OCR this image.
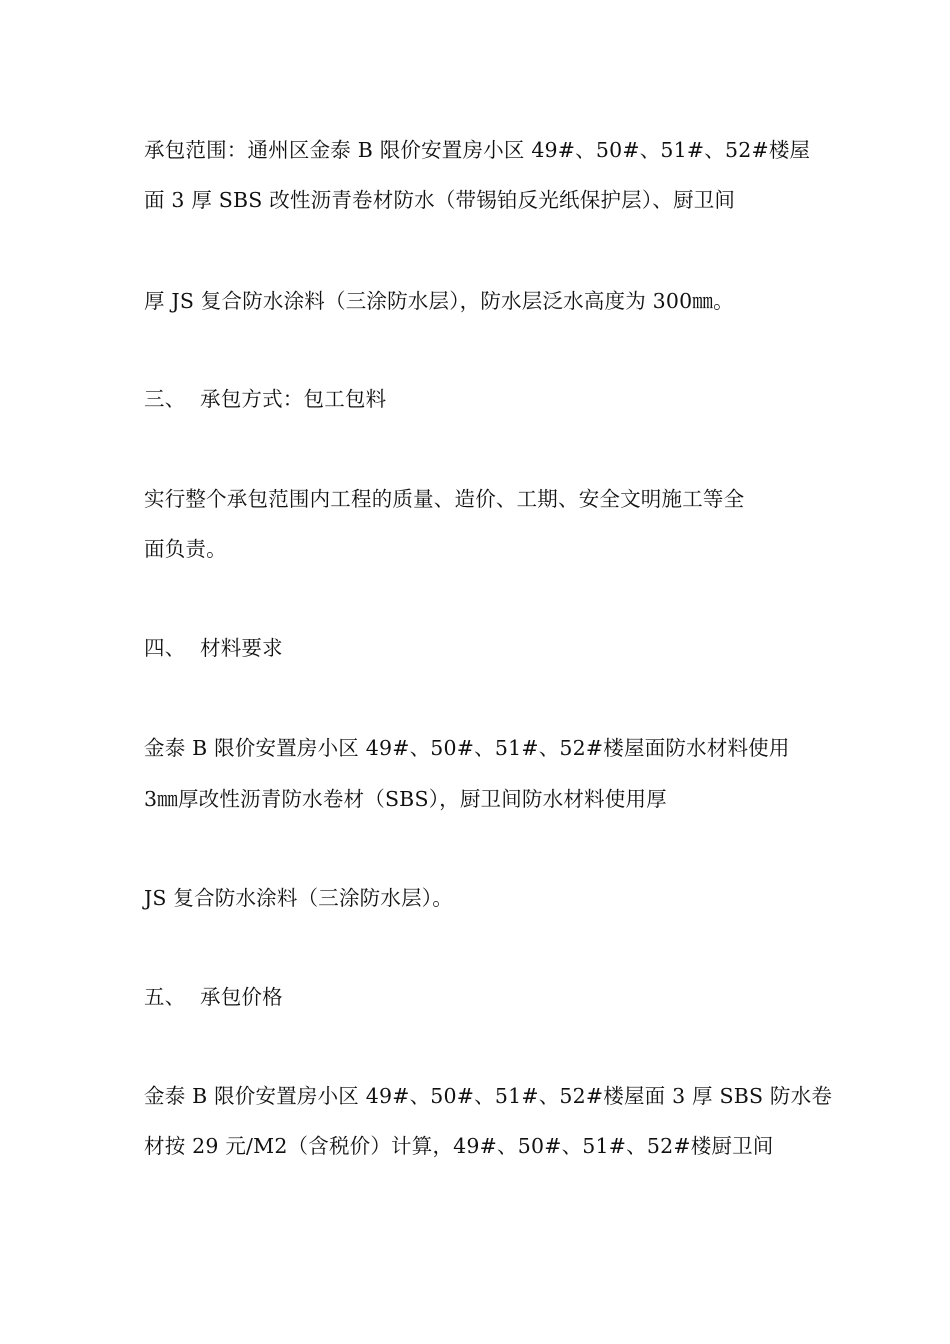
承包范围：通州区金泰 B 限价安置房小区 49#、50#、51#、52#楼屋
面 3 厚 SBS 改性沥青卷材防水（带锡铂反光纸保护层）、厨卫间
厚 JS 复合防水涂料（三涂防水层），防水层泛水高度为 300㎜。
三、 承包方式：包工包料
实行整个承包范围内工程的质量、造价、工期、安全文明施工等全
面负责。
四、 材料要求
金泰 B 限价安置房小区 49#、50#、51#、52#楼屋面防水材料使用
3㎜厚改性沥青防水卷材（SBS），厨卫间防水材料使用厚
JS 复合防水涂料（三涂防水层）。
五、 承包价格
金泰 B 限价安置房小区 49#、50#、51#、52#楼屋面 3 厚 SBS 防水卷
材按 29 元/M2（含税价）计算，49#、50#、51#、52#楼厨卫间
